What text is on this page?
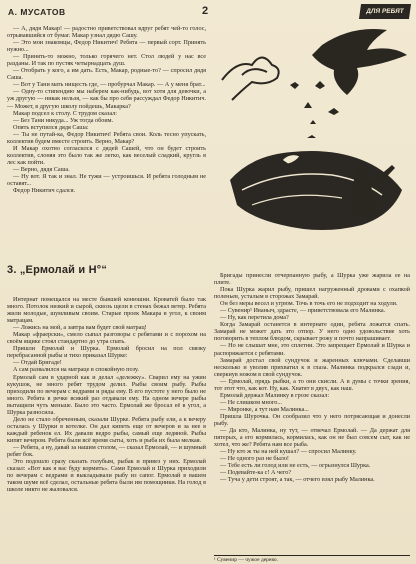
А. МУСАТОВ	2	ДЛЯ РЕБЯТ

— А, дядя Макар! — радостно приветствовал вдруг ребят чей-то голос, отрывавшийся от бумаг. Макар узнал дядю Сашу.

— Это мои знакомцы, Федор Никитич! Ребята — первый сорт. Принять нужно...

— Принять-то можно, только горячего нет. Стол людей у нас все разданы. И так по пустяк четырнадцать душ.

— Отобрать у кого, а им дать. Есть, Макар, родные-то? — спросил дядя Саша.

— Вот у Тани мать нищесть где, — пробурчал Макар. — А у меня брат...

— Одну-то стипендию мы наберем как-нибудь, вот хотя для девочки, а уж другую — никак нельзя, — как бы про себя рассуждал Федор Никитич. — Может, в другую школу пойдешь, Макарка?

Макар подсел к столу. С трудом сказал:

— Без Тани никуда... Уж тогда обоим.

Опять вступился дядя Саша:

— Ты не путай-ка, Федор Никитич! Ребята свои. Коль тесно упускать, коллектив будем вместе строить. Верно, Макар?

И Макар охотно согласился с дядей Сашей, что он будет строить коллектив, слоняя это было так же легко, как веселый сладкий, кругль в лес как пойти.

— Верно, дядя Саша.

— Ну вот. Я так и знал. Не тужи — устроишься. И ребята голодным не оставят...

Федор Никитич сдался.

3. „Ермолай и Н°“

Интернат помещался на месте бывшей конюшни. Кроватей было так много. Потолок низкий и сырой, сквозь щели в стенах бежал ветер. Ребята жили молодые, шумливым своим. Старые проек Макара в угол, к своим матрацам.

— Ложись на мой, а завтра вам будет свой матрац!

Макар «фраерски», смело сыпал разговоры с ребятами и с порохом на своём ящике стоял стандартно до утра спать.

Пришли Ермолай и Шурка. Ермолай бросил на пол связку перебрасанной рыбы и тихо приказал Шурке:

— Отдай Бригаде!

А сам развалился на матраце в спокойную позу.

Ермолай сам в ударной как и делал «дележку». Сварил ему на ужин кукушок, не много ребят трудом делил. Рыбы своим рыбу. Рыбы приходили по вечерам с ведрами и ряды ему. В его пустоте у него было не много. Ребята в речке всякий раз отдавали ему. На одном вечере рыбы вытащили чуть меньше. Было это часто. Ермолай же бросал её в угол, а Шурка разносила.

Дело не стало обреченным, сказали Шурке. Ребята рыбу ели, а к вечеру осталась у Шурки в котелке. Он дал кипеть еще от вечеров и за нее в каждый ребенок ел. Их давали ведро рыбы, самый еще ледяной. Рыбы кипят вечером. Ребята были всё время сыты, хоть и рыба их была мелкая.

— Ребята, а ну, давай за нашим столом, — сказал Ермолай, — и шумный ребят бок.

Это подошло сразу сказать голубым, рыбак и привез у них. Ермолай сказал: «Вот как я вас буду кормить». Сами Ермолай и Шурка приходили по вечерам с ведрами и выкладывали рыбу из сапог. Ермолай в вашем таком шуме всё сделал, остальные ребята были им помощники. На голод в школе никто не жаловался.

Бригады принесли отчерпанную рыбу, а Шурка уже жарила ее на плите.

Пока Шурка жарил рыбу, пришел нагруженный дровами с охапкой поленьев, усталым в сторожах Замарай.

Он без меры весел и угрюм. Точь в точь его не подходит на ходули.

— Сувенир¹ Иваныч, здрасте, — приветствовала его Малинка.

— Ну, как перетила дома?

Когда Замарай останется в интернате один, ребята ложатся спать. Замарай не может дать это отпор. У него одно удовольствие хоть поговорить в теплом блюдом, скрывает рожу и почто напрашивает.

— Но не слышат мне, это сплетни. Это запрещает Ермолай и Шурка и распоряжается с ребятами.

Замарай достал свой сундучок и жаренных ключами. Сделавши несколько и уволив прихватил к в глаза. Малинка подкрался сзади и, сверкнув ножом в свой сундучок.

— Ермолай, прядь рыбки, а то они скисли. А в думы с точки зрения, тот этот что, как кот. Ну, как. Хватят в двух, как наш.

Ермолай держал Малинку в грозе сказал:

— Не слишком много...

— Миронке, а тут нам Малинка...

Пришла Шурочка. Он сообразил что у него потрясающая и донесли рыбу.

— Да кто, Малинка, ну тут, — отвечал Ермолай. — Да держат для пятерых, а его кормилась, кормилась, как он не был совсем сыт, как не хотел, что же? Ребята нам все рыба.

— Ну кто ж ты на ней кушал? — спросил Малинку.

— Не одного раз не было!

— Тебе есть ли голод или не есть, — огрызнулся Шурка.

— Подевайте-ка с! А чего?

— Туча у дети строят, а так, — отчего взял рыбу Малинка.

¹ Сувенир — чужое дерево.
